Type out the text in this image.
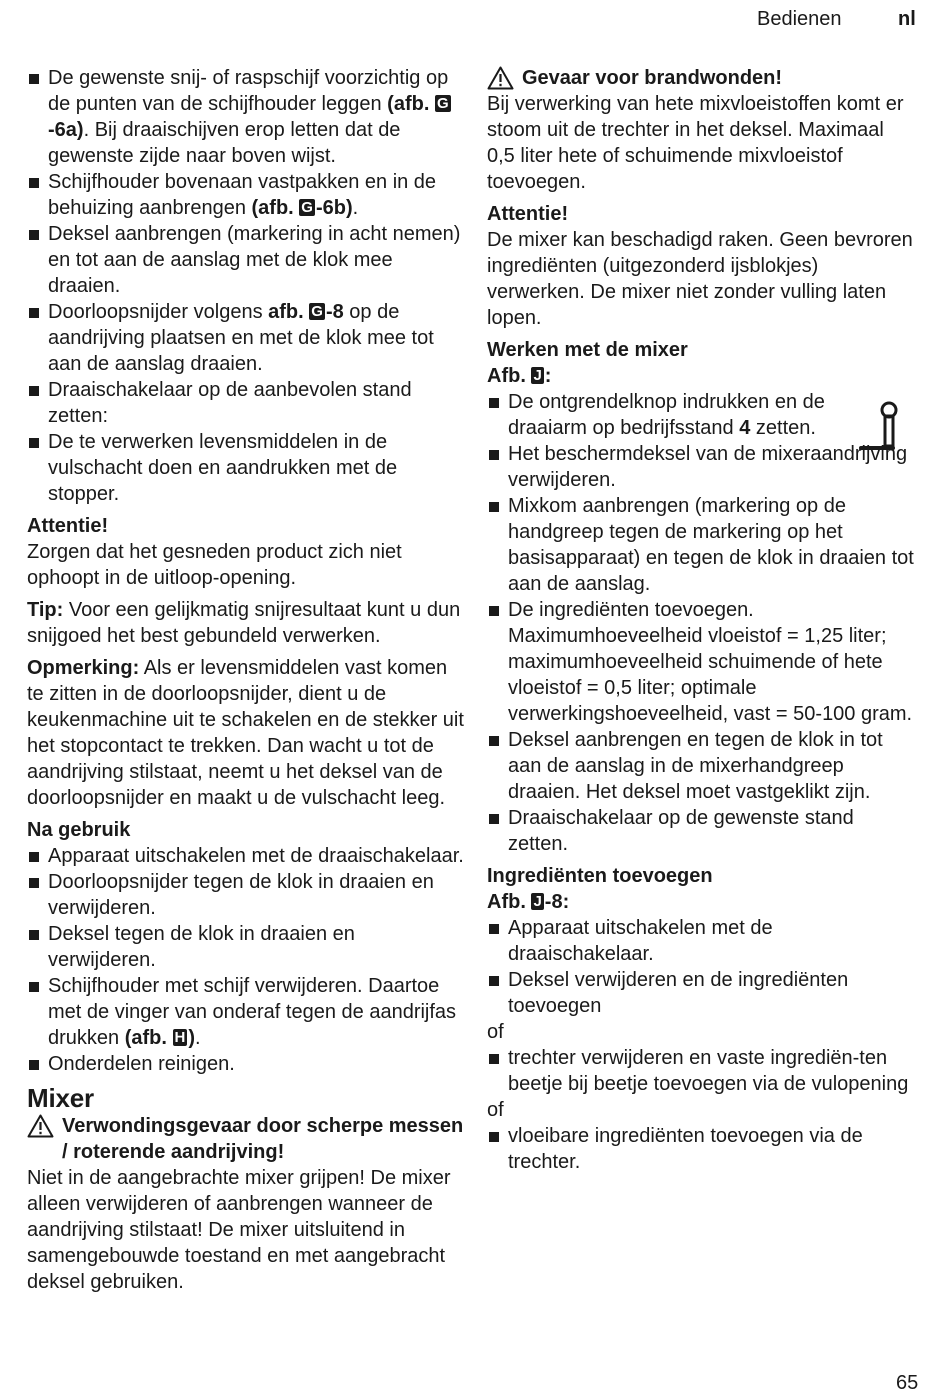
Bedienen	nl
De gewenste snij- of raspschijf voorzichtig op de punten van de schijfhouder leggen (afb. G-6a). Bij draaischijven erop letten dat de gewenste zijde naar boven wijst.
Schijfhouder bovenaan vastpakken en in de behuizing aanbrengen (afb. G -6b).
Deksel aanbrengen (markering in acht nemen) en tot aan de aanslag met de klok mee draaien.
Doorloopsnijder volgens afb. G -8 op de aandrijving plaatsen en met de klok mee tot aan de aanslag draaien.
Draaischakelaar op de aanbevolen stand zetten:
De te verwerken levensmiddelen in de vulschacht doen en aandrukken met de stopper.
Attentie!
Zorgen dat het gesneden product zich niet ophoopt in de uitloop-opening.
Tip: Voor een gelijkmatig snijresultaat kunt u dun snijgoed het best gebundeld verwerken.
Opmerking: Als er levensmiddelen vast komen te zitten in de doorloopsnijder, dient u de keukenmachine uit te schakelen en de stekker uit het stopcontact te trekken. Dan wacht u tot de aandrijving stilstaat, neemt u het deksel van de doorloopsnijder en maakt u de vulschacht leeg.
Na gebruik
Apparaat uitschakelen met de draaischakelaar.
Doorloopsnijder tegen de klok in draaien en verwijderen.
Deksel tegen de klok in draaien en verwijderen.
Schijfhouder met schijf verwijderen. Daartoe met de vinger van onderaf tegen de aandrijfas drukken (afb. H ).
Onderdelen reinigen.
Mixer
Verwondingsgevaar door scherpe messen / roterende aandrijving!
Niet in de aangebrachte mixer grijpen! De mixer alleen verwijderen of aanbrengen wanneer de aandrijving stilstaat! De mixer uitsluitend in samengebouwde toestand en met aangebracht deksel gebruiken.
Gevaar voor brandwonden!
Bij verwerking van hete mixvloeistoffen komt er stoom uit de trechter in het deksel. Maximaal 0,5 liter hete of schuimende mixvloeistof toevoegen.
Attentie!
De mixer kan beschadigd raken. Geen bevroren ingrediënten (uitgezonderd ijsblokjes) verwerken. De mixer niet zonder vulling laten lopen.
Werken met de mixer
Afb. J :
De ontgrendelknop indrukken en de draaiarm op bedrijfsstand 4 zetten.
Het beschermdeksel van de mixeraandrijving verwijderen.
Mixkom aanbrengen (markering op de handgreep tegen de markering op het basisapparaat) en tegen de klok in draaien tot aan de aanslag.
De ingrediënten toevoegen. Maximumhoeveelheid vloeistof = 1,25 liter; maximumhoeveelheid schuimende of hete vloeistof = 0,5 liter; optimale verwerkingshoeveelheid, vast = 50-100 gram.
Deksel aanbrengen en tegen de klok in tot aan de aanslag in de mixerhandgreep draaien. Het deksel moet vastgeklikt zijn.
Draaischakelaar op de gewenste stand zetten.
Ingrediënten toevoegen
Afb. J -8:
Apparaat uitschakelen met de draaischakelaar.
Deksel verwijderen en de ingrediënten toevoegen
of
trechter verwijderen en vaste ingrediën-ten beetje bij beetje toevoegen via de vulopening
of
vloeibare ingrediënten toevoegen via de trechter.
65
